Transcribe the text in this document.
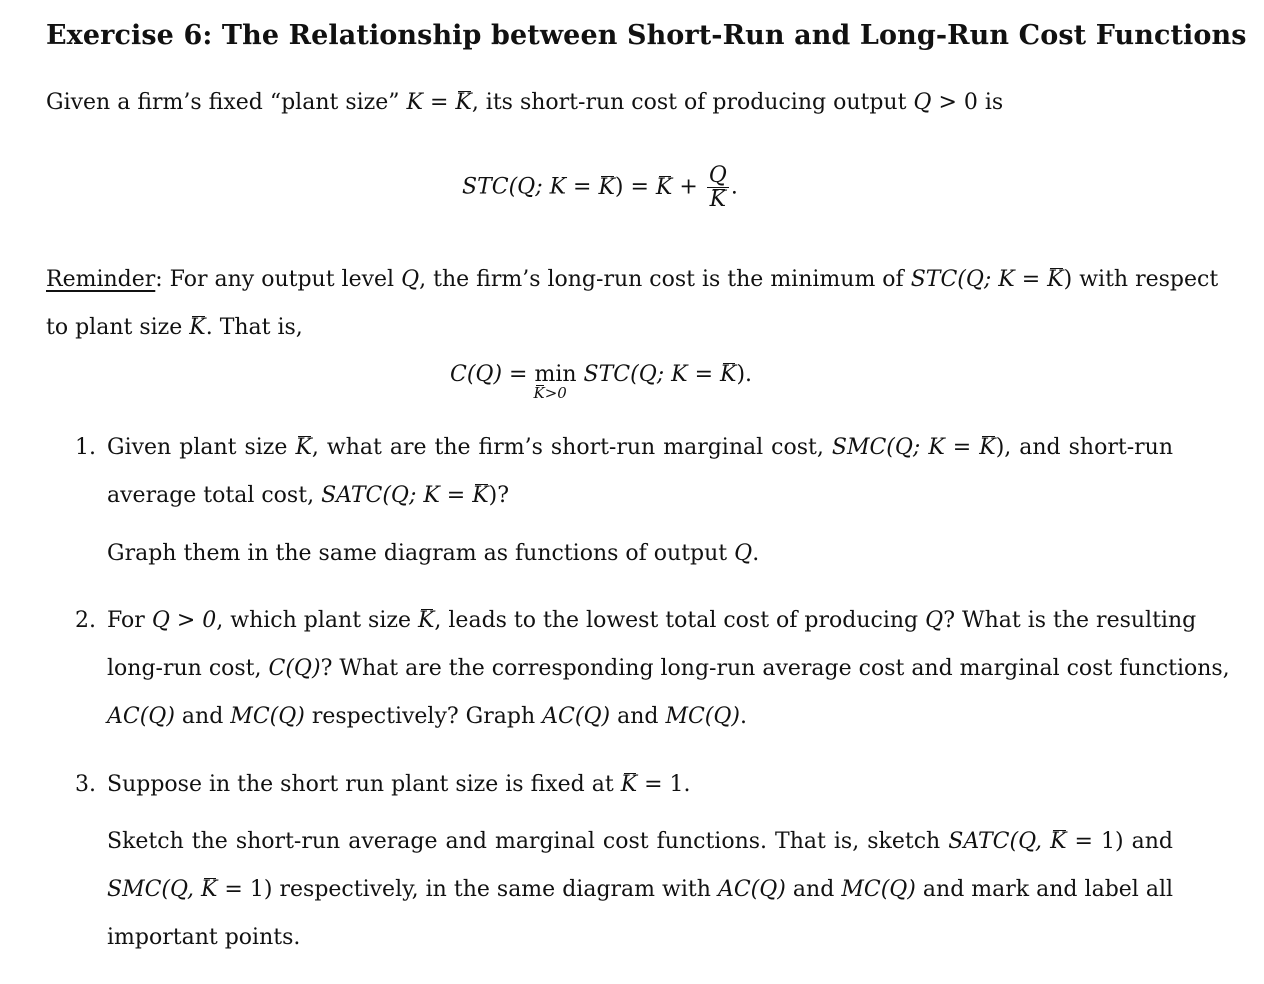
Exercise 6: The Relationship between Short-Run and Long-Run Cost Functions
Given a firm’s fixed “plant size” K = K, its short-run cost of producing output Q > 0 is
STC(Q; $K = K) = K + \frac{Q}{K}$ .
Reminder: For any output level Q, the firm’s long-run cost is the minimum of STC(Q; K = K) with respect
to plant size K. That is,
C(Q) = min
K>0
STC(Q; K = K).
1. Given plant size K, what are the firm’s short-run marginal cost, SMC(Q; K = K), and short-run
average total cost, SATC(Q; K = K)?
Graph them in the same diagram as functions of output Q.
2. For Q > 0, which plant size K, leads to the lowest total cost of producing Q? What is the resulting
long-run cost, C(Q)? What are the corresponding long-run average cost and marginal cost functions,
AC(Q) and MC(Q) respectively? Graph AC(Q) and MC(Q).
3. Suppose in the short run plant size is fixed at K = 1.
Sketch the short-run average and marginal cost functions. That is, sketch SATC(Q, K = 1) and
SMC(Q, K = 1) respectively, in the same diagram with AC(Q) and MC(Q) and mark and label all
important points.
